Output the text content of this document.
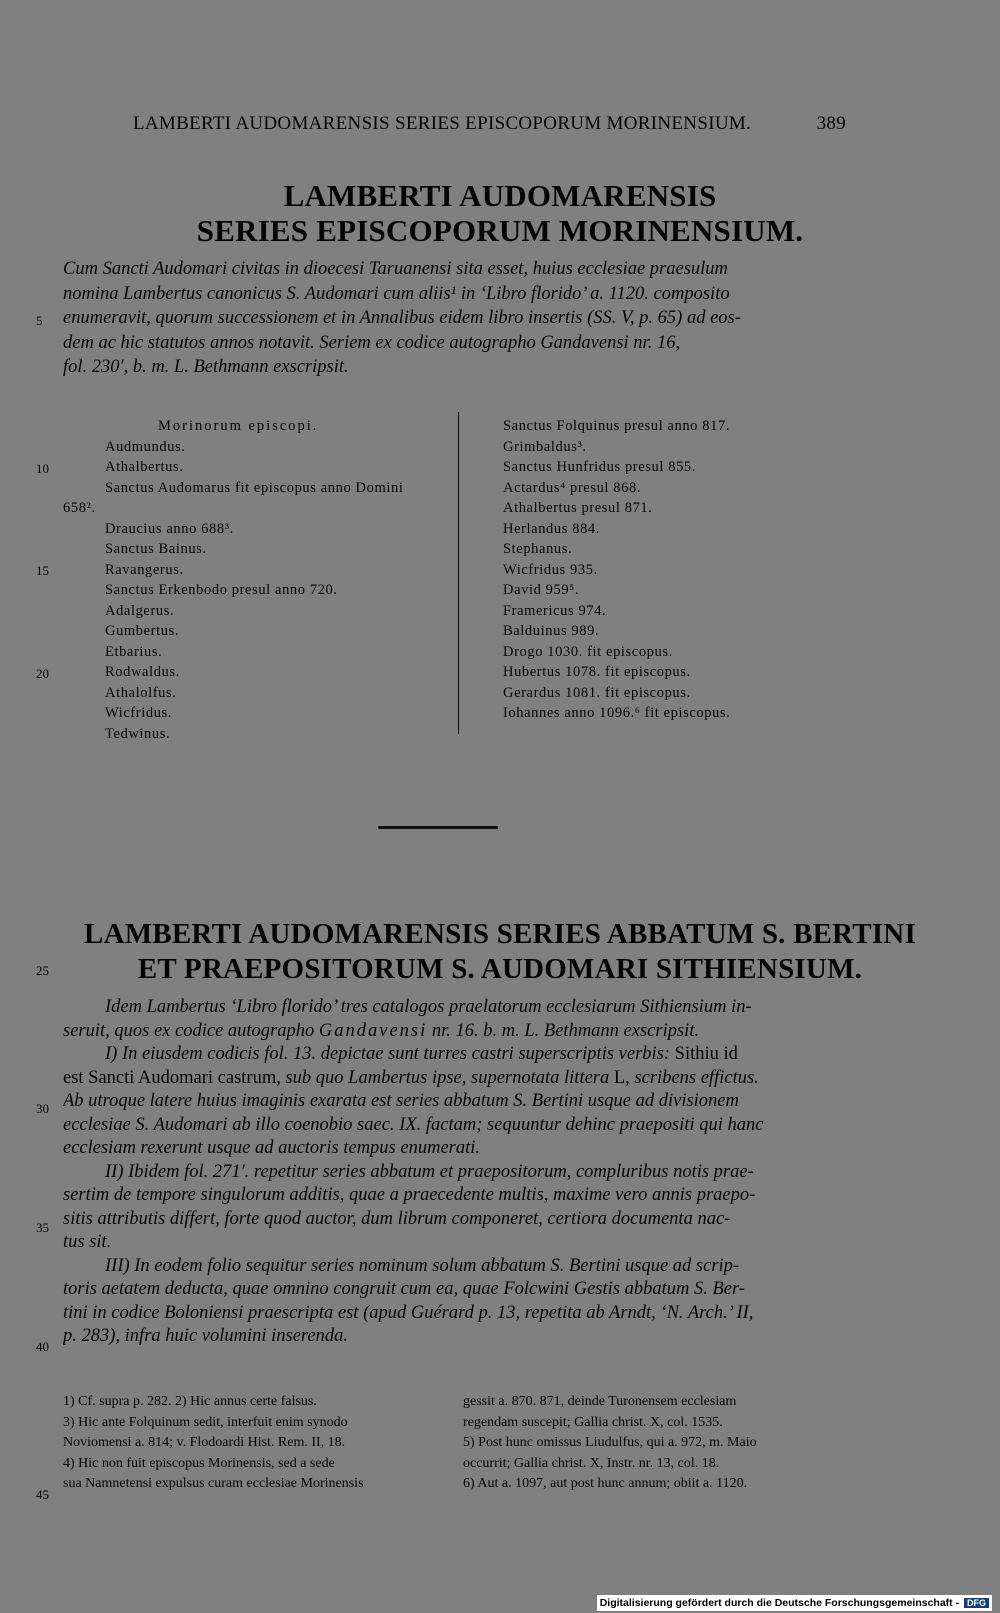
LAMBERTI AUDOMARENSIS SERIES EPISCOPORUM MORINENSIUM.	389
LAMBERTI AUDOMARENSIS
SERIES EPISCOPORUM MORINENSIUM.
Cum Sancti Audomari civitas in dioecesi Taruanensi sita esset, huius ecclesiae praesulum
nomina Lambertus canonicus S. Audomari cum aliis¹ in ‘Libro florido’ a. 1120. composito
enumeravit, quorum successionem et in Annalibus eidem libro insertis (SS. V, p. 65) ad eos-
dem ac hic statutos annos notavit. Seriem ex codice autographo Gandavensi nr. 16,
fol. 230′, b. m. L. Bethmann exscripsit.
5
10
15
20
25
30
35
40
45
Morinorum episcopi.
Audmundus.
Athalbertus.
Sanctus Audomarus fit episcopus anno Domini
658².
Draucius anno 688³.
Sanctus Bainus.
Ravangerus.
Sanctus Erkenbodo presul anno 720.
Adalgerus.
Gumbertus.
Etbarius.
Rodwaldus.
Athalolfus.
Wicfridus.
Tedwinus.
Sanctus Folquinus presul anno 817.
Grimbaldus³.
Sanctus Hunfridus presul 855.
Actardus⁴ presul 868.
Athalbertus presul 871.
Herlandus 884.
Stephanus.
Wicfridus 935.
David 959⁵.
Framericus 974.
Balduinus 989.
Drogo 1030. fit episcopus.
Hubertus 1078. fit episcopus.
Gerardus 1081. fit episcopus.
Iohannes anno 1096.⁶ fit episcopus.
LAMBERTI AUDOMARENSIS SERIES ABBATUM S. BERTINI
ET PRAEPOSITORUM S. AUDOMARI SITHIENSIUM.
Idem Lambertus ‘Libro florido’ tres catalogos praelatorum ecclesiarum Sithiensium in-
seruit, quos ex codice autographo Gandavensi nr. 16. b. m. L. Bethmann exscripsit.
I) In eiusdem codicis fol. 13. depictae sunt turres castri superscriptis verbis: Sithiu id
est Sancti Audomari castrum, sub quo Lambertus ipse, supernotata littera L, scribens effictus.
Ab utroque latere huius imaginis exarata est series abbatum S. Bertini usque ad divisionem
ecclesiae S. Audomari ab illo coenobio saec. IX. factam; sequuntur dehinc praepositi qui hanc
ecclesiam rexerunt usque ad auctoris tempus enumerati.
II) Ibidem fol. 271′. repetitur series abbatum et praepositorum, compluribus notis prae-
sertim de tempore singulorum additis, quae a praecedente multis, maxime vero annis praepo-
sitis attributis differt, forte quod auctor, dum librum componeret, certiora documenta nac-
tus sit.
III) In eodem folio sequitur series nominum solum abbatum S. Bertini usque ad scrip-
toris aetatem deducta, quae omnino congruit cum ea, quae Folcwini Gestis abbatum S. Ber-
tini in codice Boloniensi praescripta est (apud Guérard p. 13, repetita ab Arndt, ‘N. Arch.’ II,
p. 283), infra huic volumini inserenda.
1) Cf. supra p. 282. 2) Hic annus certe falsus.
3) Hic ante Folquinum sedit, interfuit enim synodo
Noviomensi a. 814; v. Flodoardi Hist. Rem. II, 18.
4) Hic non fuit episcopus Morinensis, sed a sede
sua Namnetensi expulsus curam ecclesiae Morinensis
gessit a. 870. 871, deinde Turonensem ecclesiam
regendam suscepit; Gallia christ. X, col. 1535.
5) Post hunc omissus Liudulfus, qui a. 972, m. Maio
occurrit; Gallia christ. X, Instr. nr. 13, col. 18.
6) Aut a. 1097, aut post hunc annum; obiit a. 1120.
Digitalisierung gefördert durch die Deutsche Forschungsgemeinschaft - DFG
